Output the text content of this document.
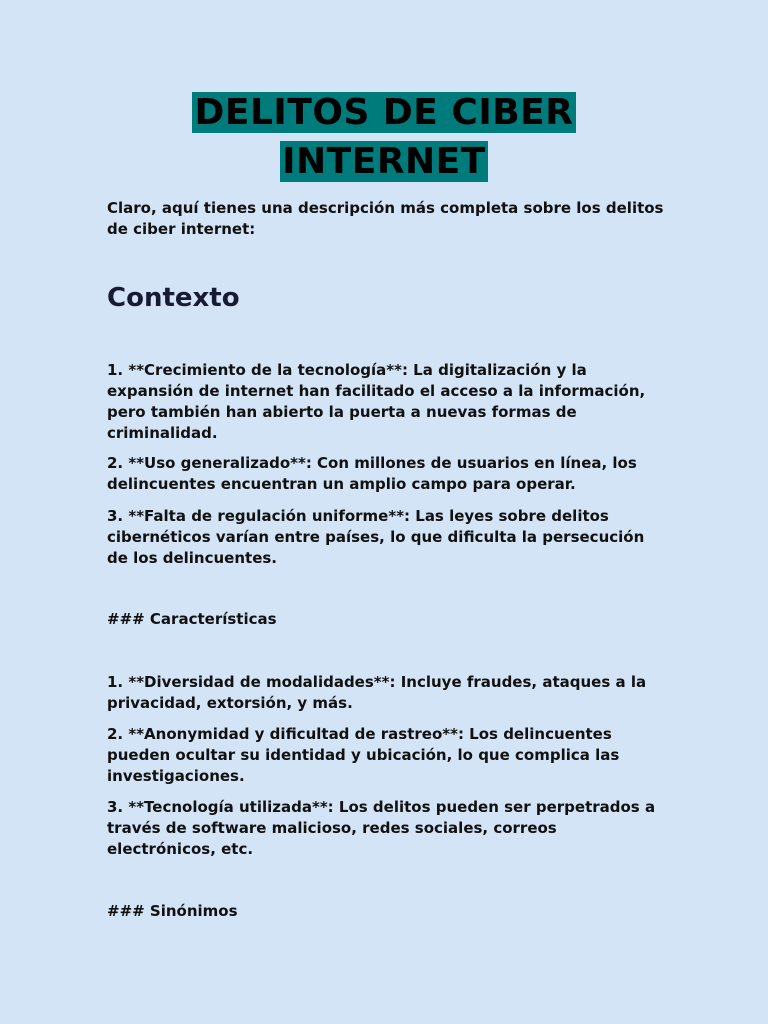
DELITOS DE CIBER
INTERNET

Claro, aquí tienes una descripción más completa sobre los delitos de ciber internet:

Contexto

1. **Crecimiento de la tecnología**: La digitalización y la expansión de internet han facilitado el acceso a la información, pero también han abierto la puerta a nuevas formas de criminalidad.

2. **Uso generalizado**: Con millones de usuarios en línea, los delincuentes encuentran un amplio campo para operar.

3. **Falta de regulación uniforme**: Las leyes sobre delitos cibernéticos varían entre países, lo que dificulta la persecución de los delincuentes.

### Características

1. **Diversidad de modalidades**: Incluye fraudes, ataques a la privacidad, extorsión, y más.

2. **Anonymidad y dificultad de rastreo**: Los delincuentes pueden ocultar su identidad y ubicación, lo que complica las investigaciones.

3. **Tecnología utilizada**: Los delitos pueden ser perpetrados a través de software malicioso, redes sociales, correos electrónicos, etc.

### Sinónimos
